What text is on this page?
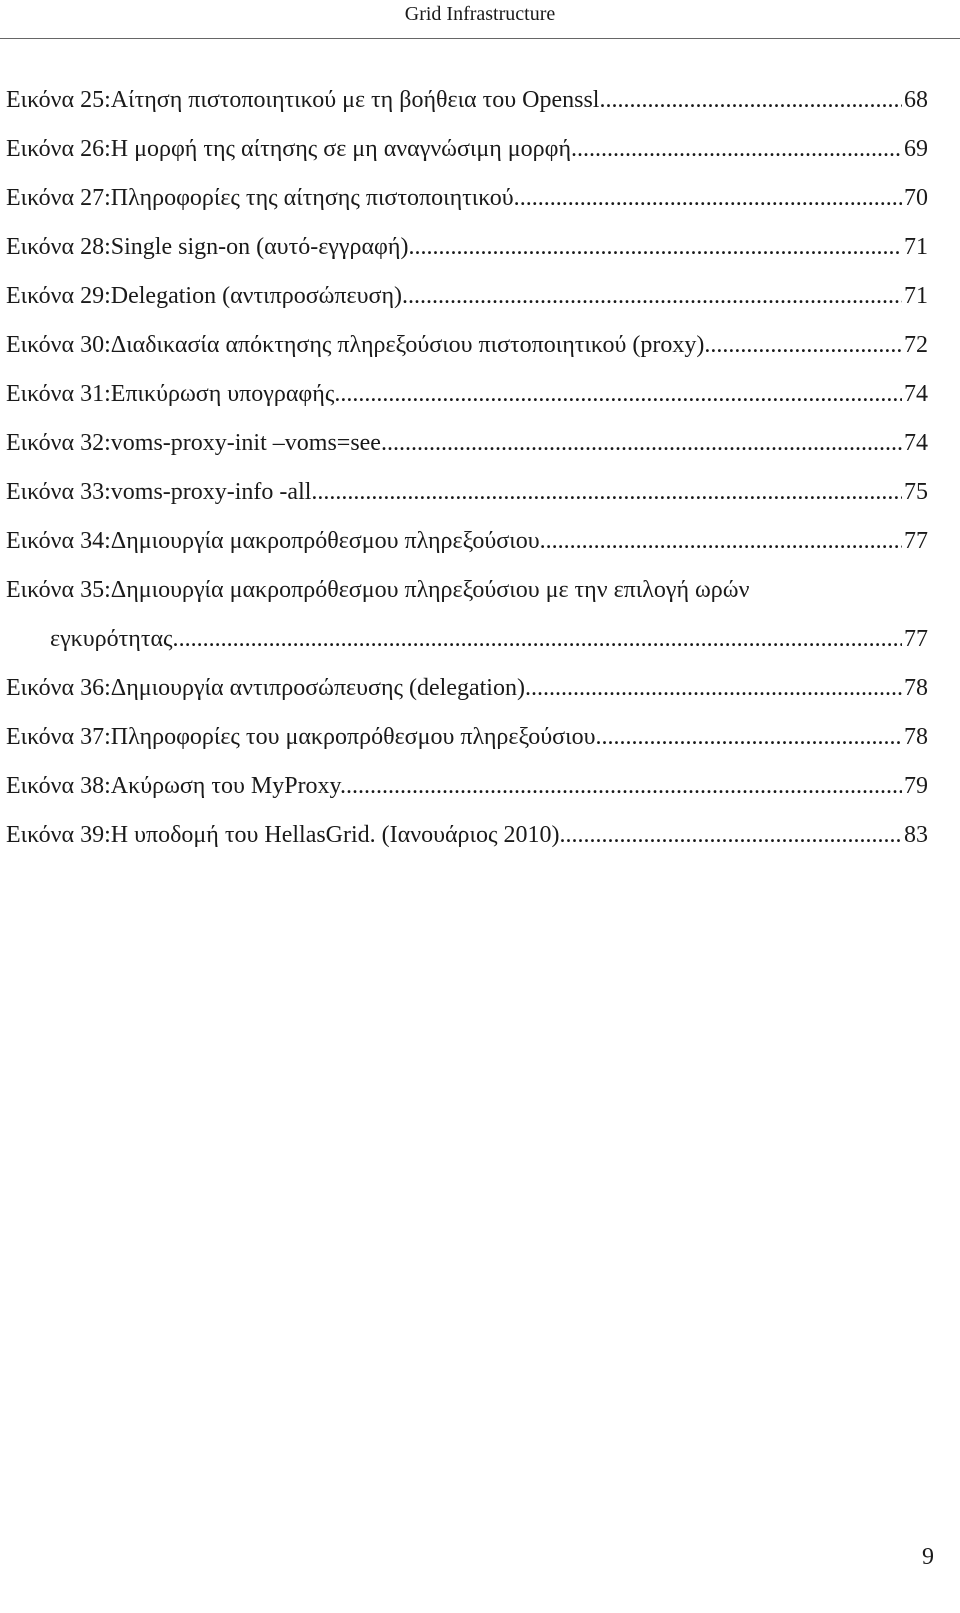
Grid Infrastructure
Εικόνα 25: Αίτηση πιστοποιητικού με τη βοήθεια του Openssl .....	68
Εικόνα 26: Η μορφή της αίτησης σε μη αναγνώσιμη μορφή. .....	69
Εικόνα 27: Πληροφορίες της αίτησης πιστοποιητικού. .....	70
Εικόνα 28: Single sign-on (αυτό-εγγραφή) .....	71
Εικόνα 29: Delegation (αντιπροσώπευση) .....	71
Εικόνα 30: Διαδικασία απόκτησης πληρεξούσιου πιστοποιητικού (proxy). .....	72
Εικόνα 31: Επικύρωση υπογραφής. .....	74
Εικόνα 32: voms-proxy-init –voms=see .....	74
Εικόνα 33: voms-proxy-info -all .....	75
Εικόνα 34: Δημιουργία μακροπρόθεσμου πληρεξούσιου. .....	77
Εικόνα 35:Δημιουργία μακροπρόθεσμου πληρεξούσιου με την επιλογή ωρών
εγκυρότητας. .....	77
Εικόνα 36: Δημιουργία αντιπροσώπευσης (delegation). .....	78
Εικόνα 37: Πληροφορίες του μακροπρόθεσμου πληρεξούσιου. .....	78
Εικόνα 38: Ακύρωση του MyProxy. .....	79
Εικόνα 39: Η υποδομή του HellasGrid. (Ιανουάριος 2010). .....	83
9
